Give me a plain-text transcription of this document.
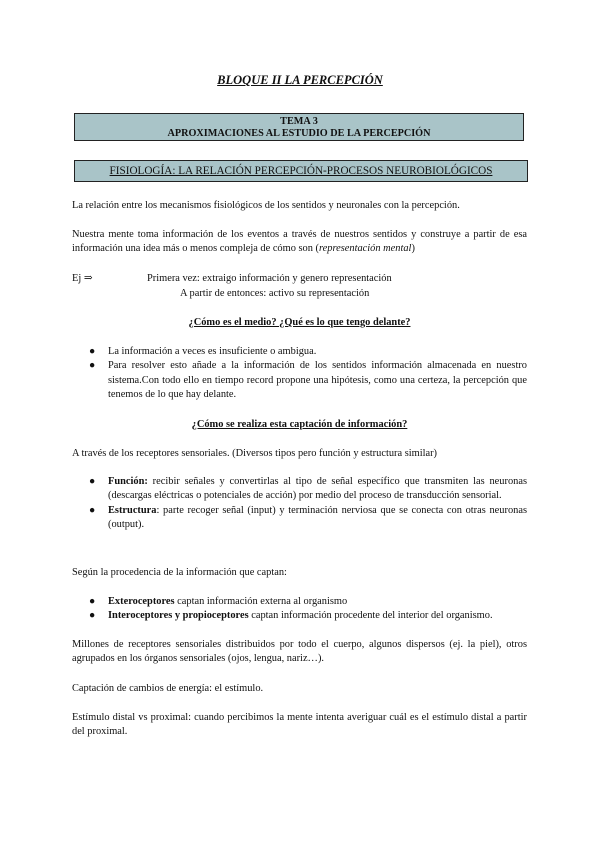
BLOQUE II LA PERCEPCIÓN
TEMA 3
APROXIMACIONES AL ESTUDIO DE LA PERCEPCIÓN
FISIOLOGÍA: LA RELACIÓN PERCEPCIÓN-PROCESOS NEUROBIOLÓGICOS
La relación entre los mecanismos fisiológicos de los sentidos y neuronales con la percepción.
Nuestra mente toma información de los eventos a través de nuestros sentidos y construye a partir de esa información una idea más o menos compleja de cómo son (representación mental)
Ej ⇒	Primera vez: extraigo información y genero representación
A partir de entonces: activo su representación
¿Cómo es el medio? ¿Qué es lo que tengo delante?
● La información a veces es insuficiente o ambigua.
● Para resolver esto añade a la información de los sentidos información almacenada en nuestro sistema.Con todo ello en tiempo record propone una hipótesis, como una certeza, la percepción que tenemos de lo que hay delante.
¿Cómo se realiza esta captación de información?
A través de los receptores sensoriales. (Diversos tipos pero función y estructura similar)
● Función: recibir señales y convertirlas al tipo de señal específico que transmiten las neuronas (descargas eléctricas o potenciales de acción) por medio del proceso de transducción sensorial.
● Estructura: parte recoger señal (input) y terminación nerviosa que se conecta con otras neuronas (output).
Según la procedencia de la información que captan:
● Exteroceptores captan información externa al organismo
● Interoceptores y propioceptores captan información procedente del interior del organismo.
Millones de receptores sensoriales distribuidos por todo el cuerpo, algunos dispersos (ej. la piel), otros agrupados en los órganos sensoriales (ojos, lengua, nariz…).
Captación de cambios de energía: el estímulo.
Estímulo distal vs proximal: cuando percibimos la mente intenta averiguar cuál es el estímulo distal a partir del proximal.
